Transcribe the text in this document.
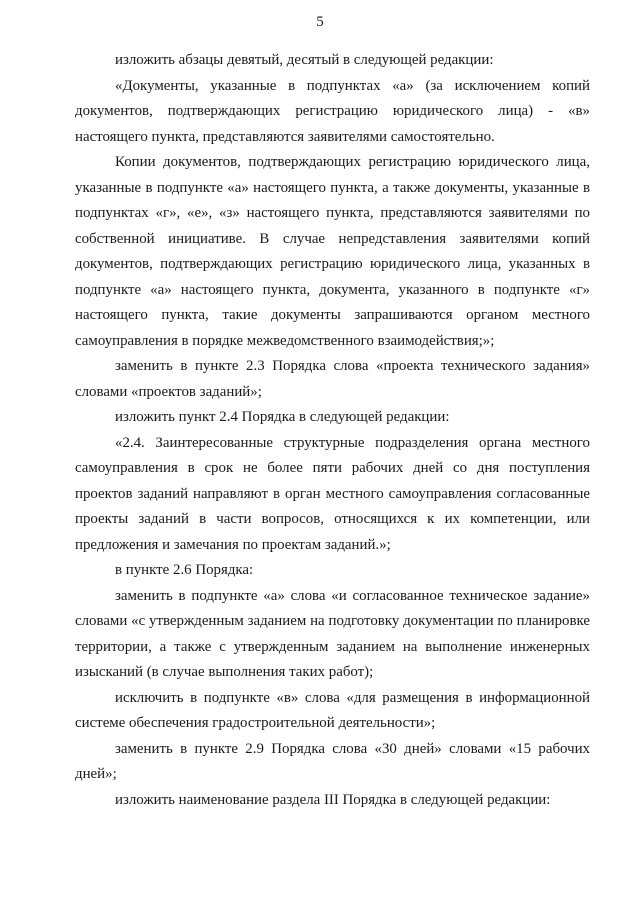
5

изложить абзацы девятый, десятый в следующей редакции:

«Документы, указанные в подпунктах «а» (за исключением копий документов, подтверждающих регистрацию юридического лица) - «в» настоящего пункта, представляются заявителями самостоятельно.

Копии документов, подтверждающих регистрацию юридического лица, указанные в подпункте «а» настоящего пункта, а также документы, указанные в подпунктах «г», «е», «з» настоящего пункта, представляются заявителями по собственной инициативе. В случае непредставления заявителями копий документов, подтверждающих регистрацию юридического лица, указанных в подпункте «а» настоящего пункта, документа, указанного в подпункте «г» настоящего пункта, такие документы запрашиваются органом местного самоуправления в порядке межведомственного взаимодействия;»;

заменить в пункте 2.3 Порядка слова «проекта технического задания» словами «проектов заданий»;

изложить пункт 2.4 Порядка в следующей редакции:

«2.4. Заинтересованные структурные подразделения органа местного самоуправления в срок не более пяти рабочих дней со дня поступления проектов заданий направляют в орган местного самоуправления согласованные проекты заданий в части вопросов, относящихся к их компетенции, или предложения и замечания по проектам заданий.»;

в пункте 2.6 Порядка:

заменить в подпункте «а» слова «и согласованное техническое задание» словами «с утвержденным заданием на подготовку документации по планировке территории, а также с утвержденным заданием на выполнение инженерных изысканий (в случае выполнения таких работ);

исключить в подпункте «в» слова «для размещения в информационной системе обеспечения градостроительной деятельности»;

заменить в пункте 2.9 Порядка слова «30 дней» словами «15 рабочих дней»;

изложить наименование раздела III Порядка в следующей редакции:
